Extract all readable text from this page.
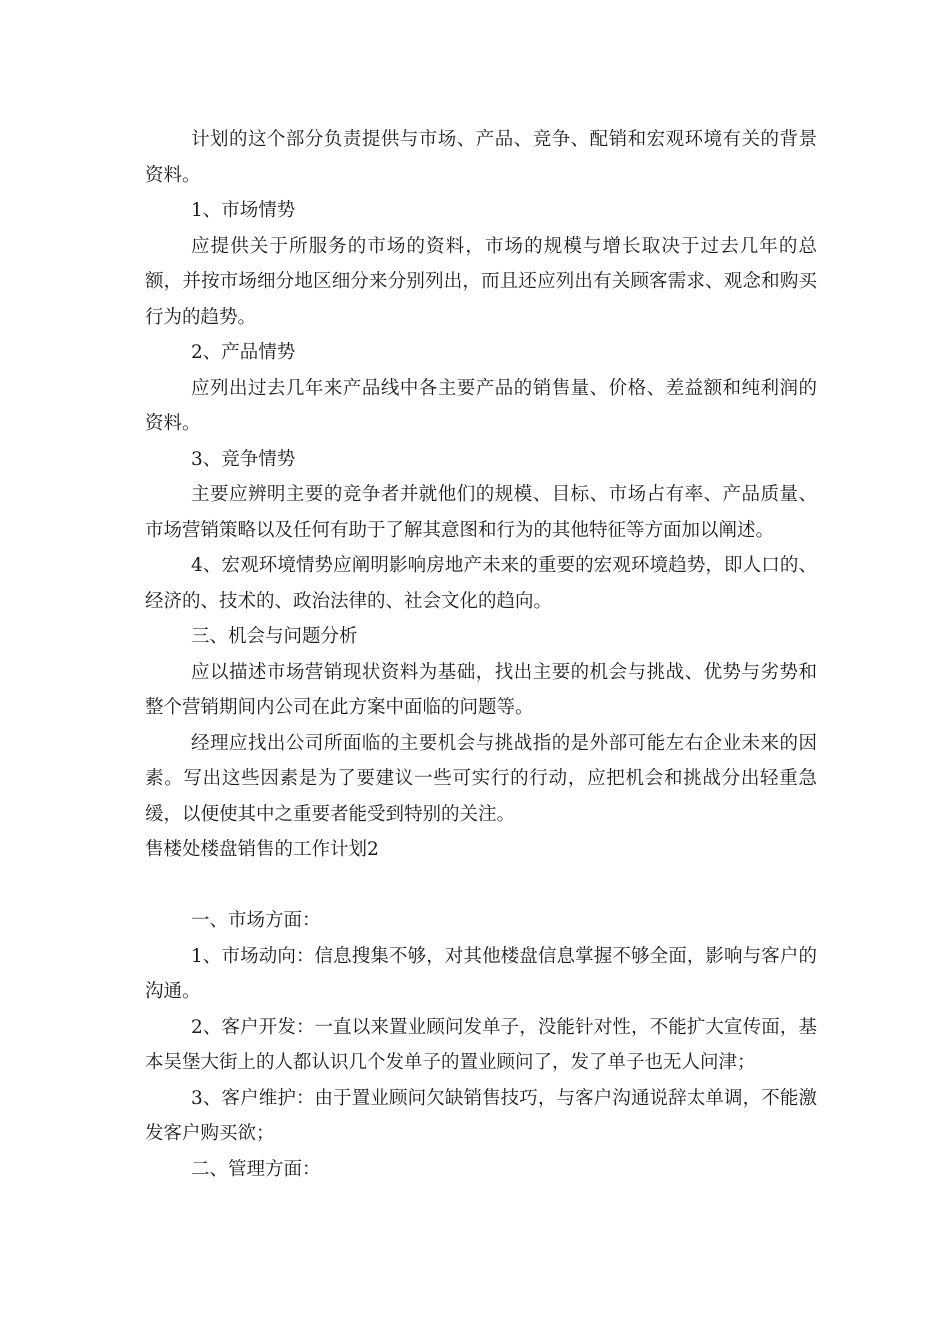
计划的这个部分负责提供与市场、产品、竞争、配销和宏观环境有关的背景资料。

1、市场情势

应提供关于所服务的市场的资料，市场的规模与增长取决于过去几年的总额，并按市场细分地区细分来分别列出，而且还应列出有关顾客需求、观念和购买行为的趋势。

2、产品情势

应列出过去几年来产品线中各主要产品的销售量、价格、差益额和纯利润的资料。

3、竞争情势

主要应辨明主要的竞争者并就他们的规模、目标、市场占有率、产品质量、市场营销策略以及任何有助于了解其意图和行为的其他特征等方面加以阐述。

4、宏观环境情势应阐明影响房地产未来的重要的宏观环境趋势，即人口的、经济的、技术的、政治法律的、社会文化的趋向。

三、机会与问题分析

应以描述市场营销现状资料为基础，找出主要的机会与挑战、优势与劣势和整个营销期间内公司在此方案中面临的问题等。

经理应找出公司所面临的主要机会与挑战指的是外部可能左右企业未来的因素。写出这些因素是为了要建议一些可实行的行动，应把机会和挑战分出轻重急缓，以便使其中之重要者能受到特别的关注。

售楼处楼盘销售的工作计划2

一、市场方面：

1、市场动向：信息搜集不够，对其他楼盘信息掌握不够全面，影响与客户的沟通。

2、客户开发：一直以来置业顾问发单子，没能针对性，不能扩大宣传面，基本吴堡大街上的人都认识几个发单子的置业顾问了，发了单子也无人问津；

3、客户维护：由于置业顾问欠缺销售技巧，与客户沟通说辞太单调，不能激发客户购买欲；

二、管理方面：
